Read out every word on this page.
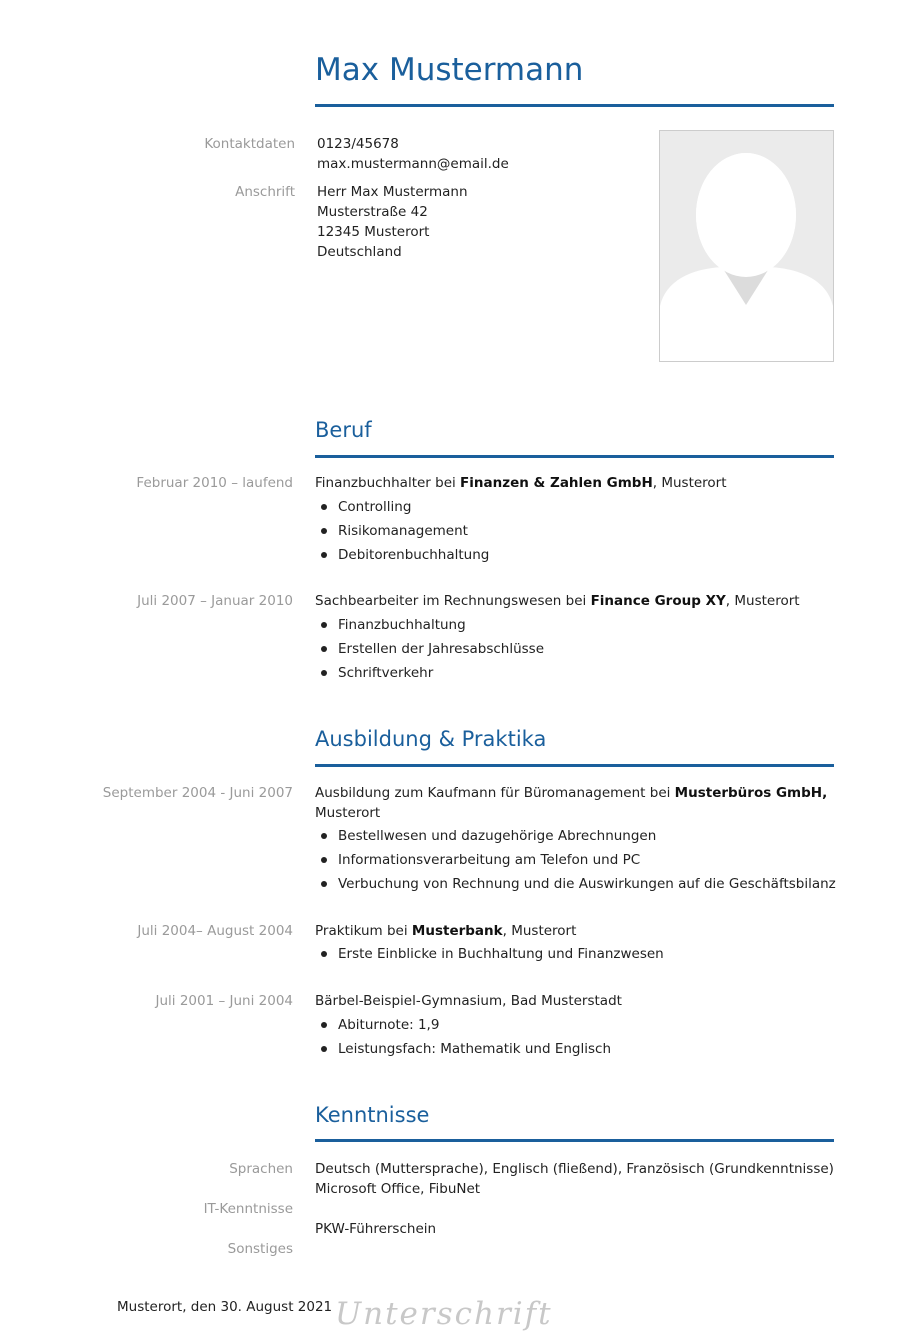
Max Mustermann
Kontaktdaten 0123/45678
max.mustermann@email.de
Anschrift Herr Max Mustermann
Musterstraße 42
12345 Musterort
Deutschland
Beruf
Februar 2010 – laufend Finanzbuchhalter bei Finanzen & Zahlen GmbH, Musterort
Controlling
Risikomanagement
Debitorenbuchhaltung
Juli 2007 – Januar 2010 Sachbearbeiter im Rechnungswesen bei Finance Group XY, Musterort
Finanzbuchhaltung
Erstellen der Jahresabschlüsse
Schriftverkehr
Ausbildung & Praktika
September 2004 - Juni 2007 Ausbildung zum Kaufmann für Büromanagement bei Musterbüros GmbH, Musterort
Bestellwesen und dazugehörige Abrechnungen
Informationsverarbeitung am Telefon und PC
Verbuchung von Rechnung und die Auswirkungen auf die Geschäftsbilanz
Juli 2004– August 2004 Praktikum bei Musterbank, Musterort
Erste Einblicke in Buchhaltung und Finanzwesen
Juli 2001 – Juni 2004 Bärbel-Beispiel-Gymnasium, Bad Musterstadt
Abiturnote: 1,9
Leistungsfach: Mathematik und Englisch
Kenntnisse
Sprachen
IT-Kenntnisse
Sonstiges
Deutsch (Muttersprache), Englisch (fließend), Französisch (Grundkenntnisse)
Microsoft Office, FibuNet
PKW-Führerschein
Musterort, den 30. August 2021 Unterschrift
